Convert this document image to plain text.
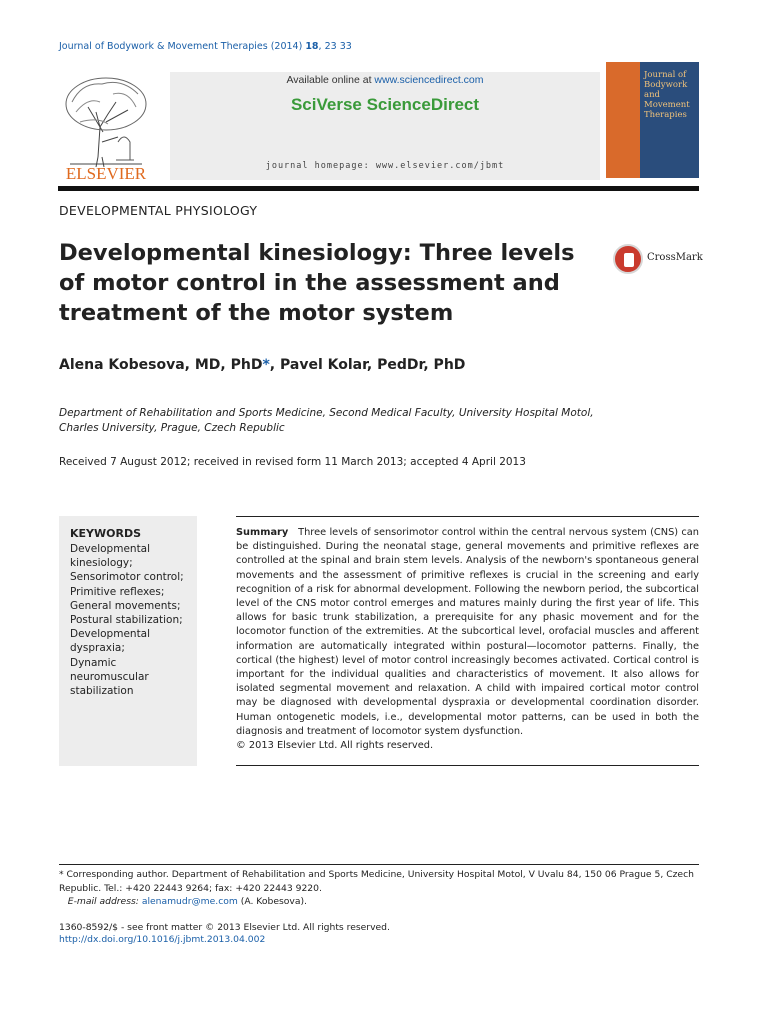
Journal of Bodywork & Movement Therapies (2014) 18, 23 33
ELSEVIER
Available online at www.sciencedirect.com
SciVerse ScienceDirect
journal homepage: www.elsevier.com/jbmt
Journal of Bodywork and Movement Therapies
DEVELOPMENTAL PHYSIOLOGY
Developmental kinesiology: Three levels of motor control in the assessment and treatment of the motor system
CrossMark
Alena Kobesova, MD, PhD*, Pavel Kolar, PedDr, PhD
Department of Rehabilitation and Sports Medicine, Second Medical Faculty, University Hospital Motol, Charles University, Prague, Czech Republic
Received 7 August 2012; received in revised form 11 March 2013; accepted 4 April 2013
KEYWORDS
Developmental kinesiology;
Sensorimotor control;
Primitive reflexes;
General movements;
Postural stabilization;
Developmental dyspraxia;
Dynamic neuromuscular stabilization
Summary Three levels of sensorimotor control within the central nervous system (CNS) can be distinguished. During the neonatal stage, general movements and primitive reflexes are controlled at the spinal and brain stem levels. Analysis of the newborn's spontaneous general movements and the assessment of primitive reflexes is crucial in the screening and early recognition of a risk for abnormal development. Following the newborn period, the subcortical level of the CNS motor control emerges and matures mainly during the first year of life. This allows for basic trunk stabilization, a prerequisite for any phasic movement and for the locomotor function of the extremities. At the subcortical level, orofacial muscles and afferent information are automatically integrated within postural—locomotor patterns. Finally, the cortical (the highest) level of motor control increasingly becomes activated. Cortical control is important for the individual qualities and characteristics of movement. It also allows for isolated segmental movement and relaxation. A child with impaired cortical motor control may be diagnosed with developmental dyspraxia or developmental coordination disorder. Human ontogenetic models, i.e., developmental motor patterns, can be used in both the diagnosis and treatment of locomotor system dysfunction.
© 2013 Elsevier Ltd. All rights reserved.
* Corresponding author. Department of Rehabilitation and Sports Medicine, University Hospital Motol, V Uvalu 84, 150 06 Prague 5, Czech Republic. Tel.: +420 22443 9264; fax: +420 22443 9220.
E-mail address: alenamudr@me.com (A. Kobesova).
1360-8592/$ - see front matter © 2013 Elsevier Ltd. All rights reserved.
http://dx.doi.org/10.1016/j.jbmt.2013.04.002
